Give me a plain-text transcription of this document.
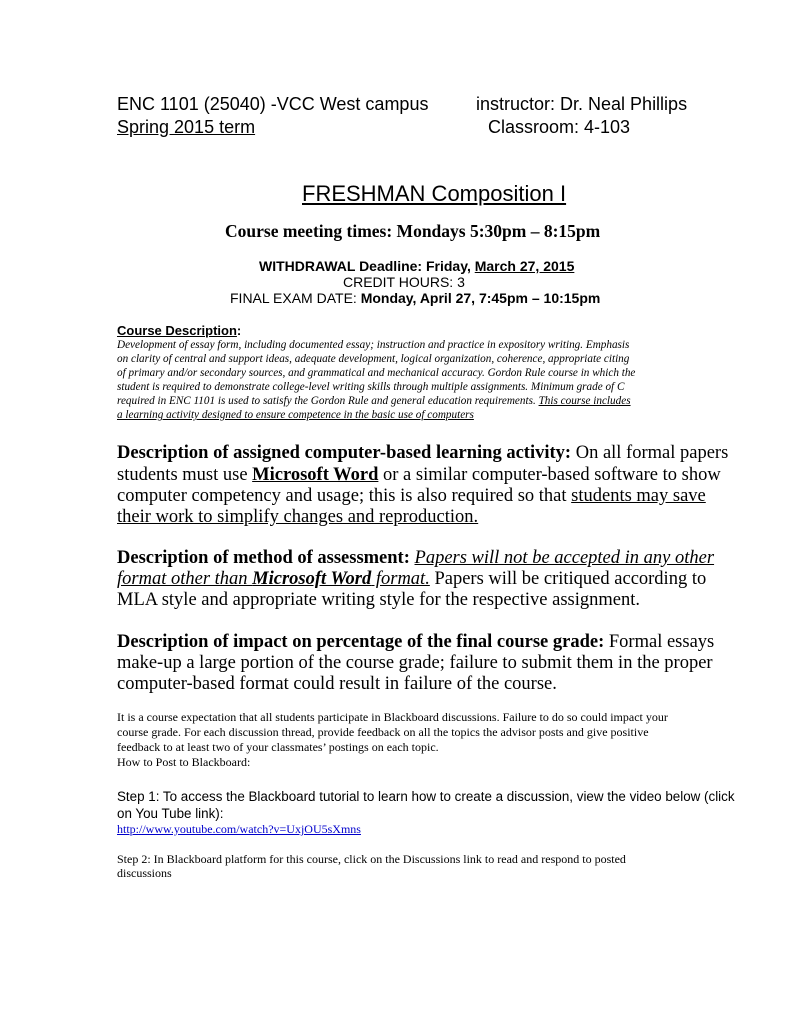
ENC 1101 (25040) -VCC West campus
Spring 2015 term
instructor: Dr. Neal Phillips
Classroom: 4-103
FRESHMAN Composition I
Course meeting times: Mondays 5:30pm – 8:15pm
WITHDRAWAL Deadline: Friday, March 27, 2015
CREDIT HOURS: 3
FINAL EXAM DATE: Monday, April 27, 7:45pm – 10:15pm
Course Description:
Development of essay form, including documented essay; instruction and practice in expository writing. Emphasis
on clarity of central and support ideas, adequate development, logical organization, coherence, appropriate citing
of primary and/or secondary sources, and grammatical and mechanical accuracy. Gordon Rule course in which the
student is required to demonstrate college-level writing skills through multiple assignments. Minimum grade of C
required in ENC 1101 is used to satisfy the Gordon Rule and general education requirements. This course includes
a learning activity designed to ensure competence in the basic use of computers
Description of assigned computer-based learning activity: On all formal papers
students must use Microsoft Word or a similar computer-based software to show
computer competency and usage; this is also required so that students may save
their work to simplify changes and reproduction.
Description of method of assessment: Papers will not be accepted in any other
format other than Microsoft Word format. Papers will be critiqued according to
MLA style and appropriate writing style for the respective assignment.
Description of impact on percentage of the final course grade: Formal essays
make-up a large portion of the course grade; failure to submit them in the proper
computer-based format could result in failure of the course.
It is a course expectation that all students participate in Blackboard discussions. Failure to do so could impact your
course grade. For each discussion thread, provide feedback on all the topics the advisor posts and give positive
feedback to at least two of your classmates’ postings on each topic.
How to Post to Blackboard:
Step 1: To access the Blackboard tutorial to learn how to create a discussion, view the video below (click
on You Tube link):
http://www.youtube.com/watch?v=UxjOU5sXmns
Step 2: In Blackboard platform for this course, click on the Discussions link to read and respond to posted
discussions
